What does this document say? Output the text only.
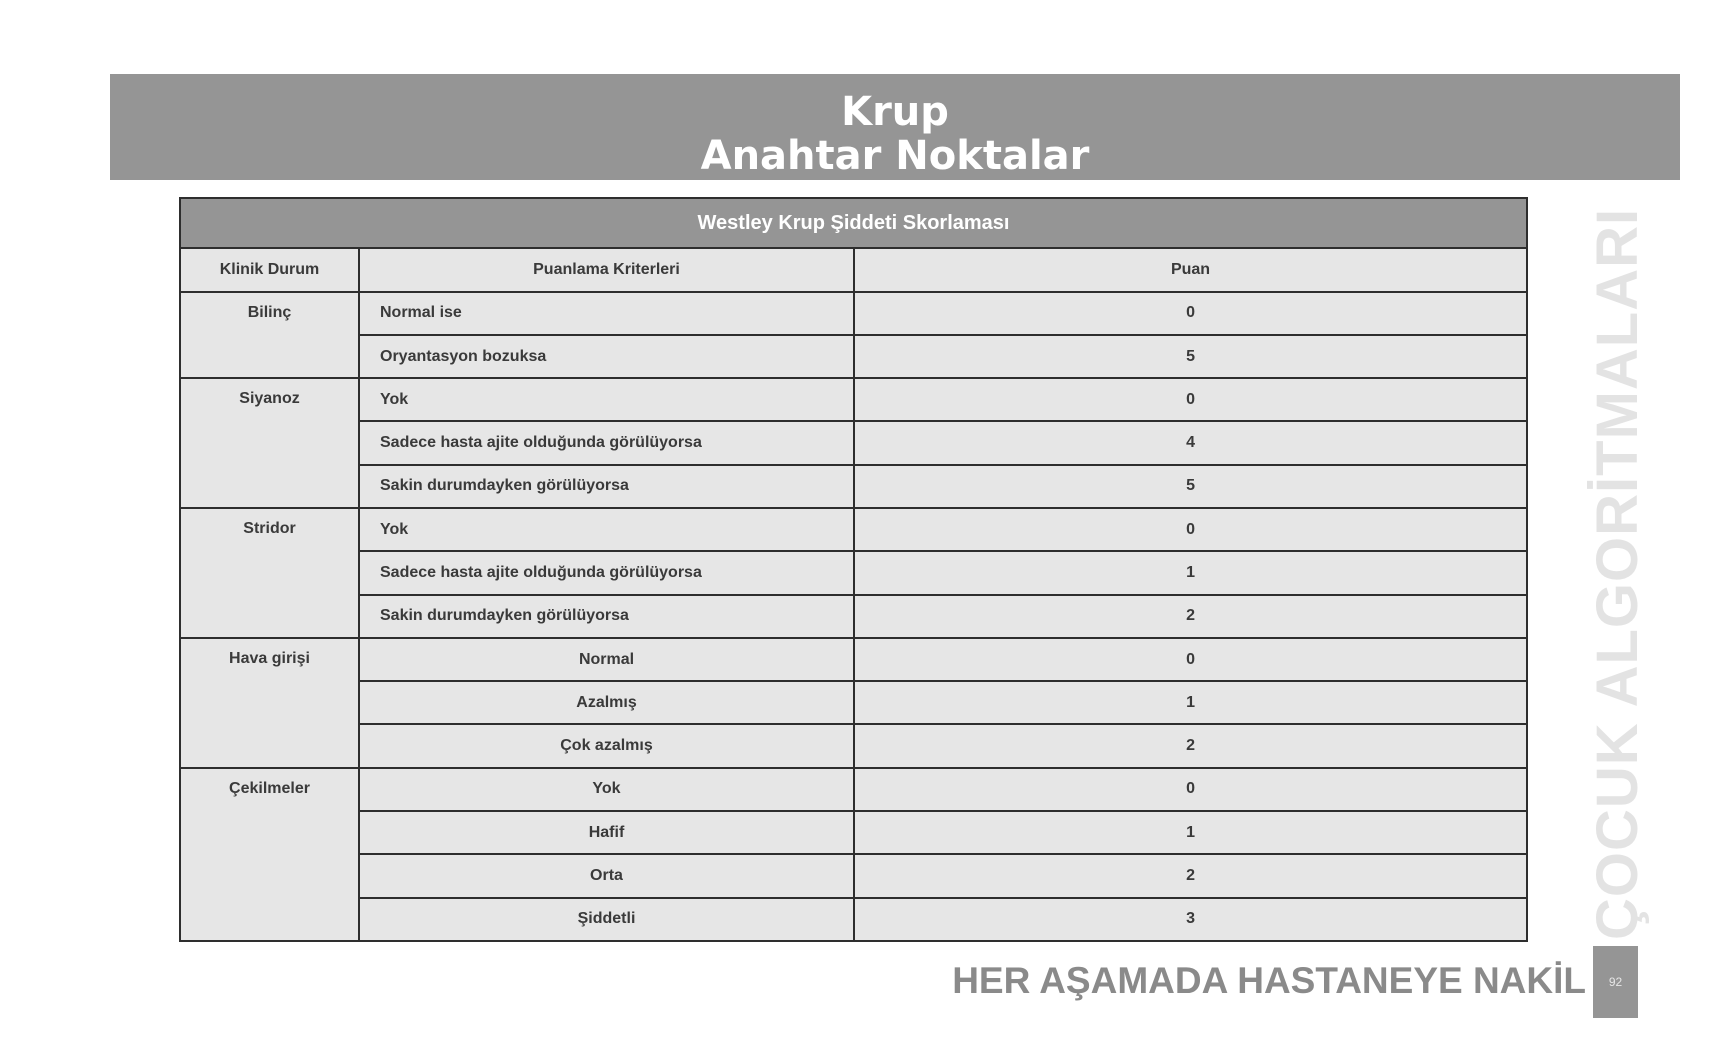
Krup
Anahtar Noktalar
Westley Krup Şiddeti Skorlaması		
Klinik Durum	Puanlama Kriterleri	Puan
Bilinç	Normal ise	0
	Oryantasyon bozuksa	5
Siyanoz	Yok	0
	Sadece hasta ajite olduğunda görülüyorsa	4
	Sakin durumdayken görülüyorsa	5
Stridor	Yok	0
	Sadece hasta ajite olduğunda görülüyorsa	1
	Sakin durumdayken görülüyorsa	2
Hava girişi	Normal	0
	Azalmış	1
	Çok azalmış	2
Çekilmeler	Yok	0
	Hafif	1
	Orta	2
	Şiddetli	3	ÇOCUK ALGORİTMALARI
HER AŞAMADA HASTANEYE NAKİL	92
